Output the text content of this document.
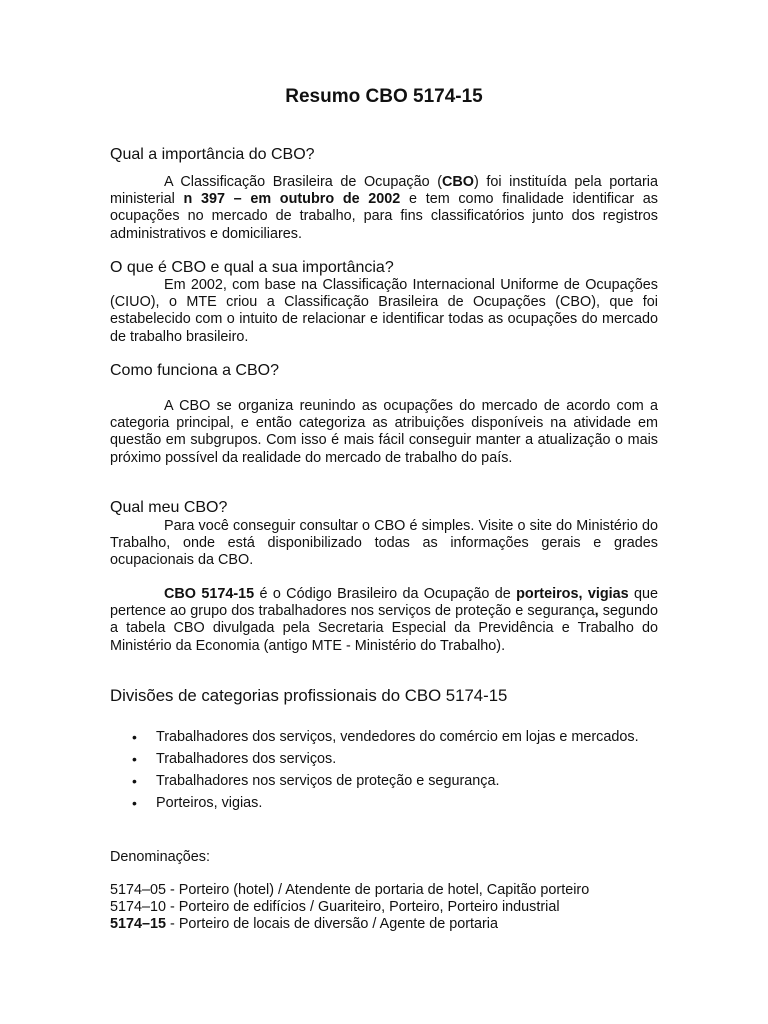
Resumo CBO 5174-15
Qual a importância do CBO?

A Classificação Brasileira de Ocupação (CBO) foi instituída pela portaria ministerial n 397 – em outubro de 2002 e tem como finalidade identificar as ocupações no mercado de trabalho, para fins classificatórios junto dos registros administrativos e domiciliares.

O que é CBO e qual a sua importância?

Em 2002, com base na Classificação Internacional Uniforme de Ocupações (CIUO), o MTE criou a Classificação Brasileira de Ocupações (CBO), que foi estabelecido com o intuito de relacionar e identificar todas as ocupações do mercado de trabalho brasileiro.

Como funciona a CBO?

A CBO se organiza reunindo as ocupações do mercado de acordo com a categoria principal, e então categoriza as atribuições disponíveis na atividade em questão em subgrupos. Com isso é mais fácil conseguir manter a atualização o mais próximo possível da realidade do mercado de trabalho do país.

Qual meu CBO?

Para você conseguir consultar o CBO é simples. Visite o site do Ministério do Trabalho, onde está disponibilizado todas as informações gerais e grades ocupacionais da CBO.

CBO 5174-15 é o Código Brasileiro da Ocupação de porteiros, vigias que pertence ao grupo dos trabalhadores nos serviços de proteção e segurança, segundo a tabela CBO divulgada pela Secretaria Especial da Previdência e Trabalho do Ministério da Economia (antigo MTE - Ministério do Trabalho).

Divisões de categorias profissionais do CBO 5174-15
• Trabalhadores dos serviços, vendedores do comércio em lojas e mercados.
• Trabalhadores dos serviços.
• Trabalhadores nos serviços de proteção e segurança.
• Porteiros, vigias.

Denominações:

5174–05 - Porteiro (hotel) / Atendente de portaria de hotel, Capitão porteiro

5174–10 - Porteiro de edifícios / Guariteiro, Porteiro, Porteiro industrial

5174–15 - Porteiro de locais de diversão / Agente de portaria
